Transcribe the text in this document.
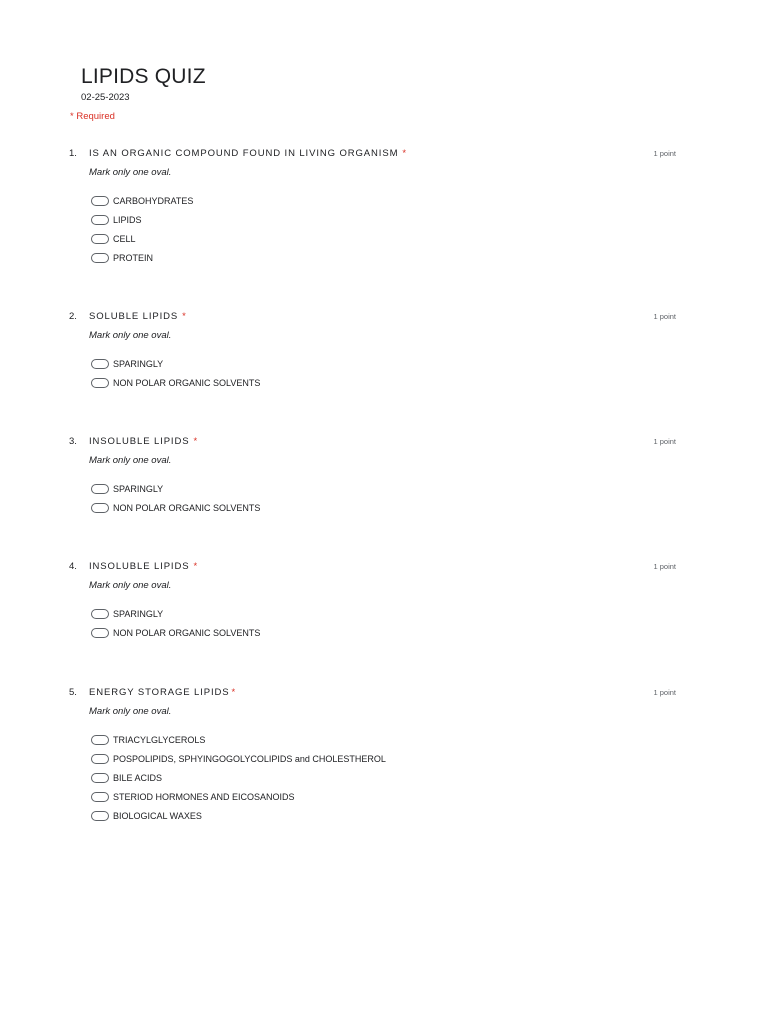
LIPIDS QUIZ
02-25-2023
* Required
1. IS AN ORGANIC COMPOUND FOUND IN LIVING ORGANISM *	1 point
Mark only one oval.
CARBOHYDRATES
LIPIDS
CELL
PROTEIN
2. SOLUBLE LIPIDS *	1 point
Mark only one oval.
SPARINGLY
NON POLAR ORGANIC SOLVENTS
3. INSOLUBLE LIPIDS *	1 point
Mark only one oval.
SPARINGLY
NON POLAR ORGANIC SOLVENTS
4. INSOLUBLE LIPIDS *	1 point
Mark only one oval.
SPARINGLY
NON POLAR ORGANIC SOLVENTS
5. ENERGY STORAGE LIPIDS *	1 point
Mark only one oval.
TRIACYLGLYCEROLS
POSPOLIPIDS, SPHYINGOGOLYCOLIPIDS and CHOLESTHEROL
BILE ACIDS
STERIOD HORMONES AND EICOSANOIDS
BIOLOGICAL WAXES
